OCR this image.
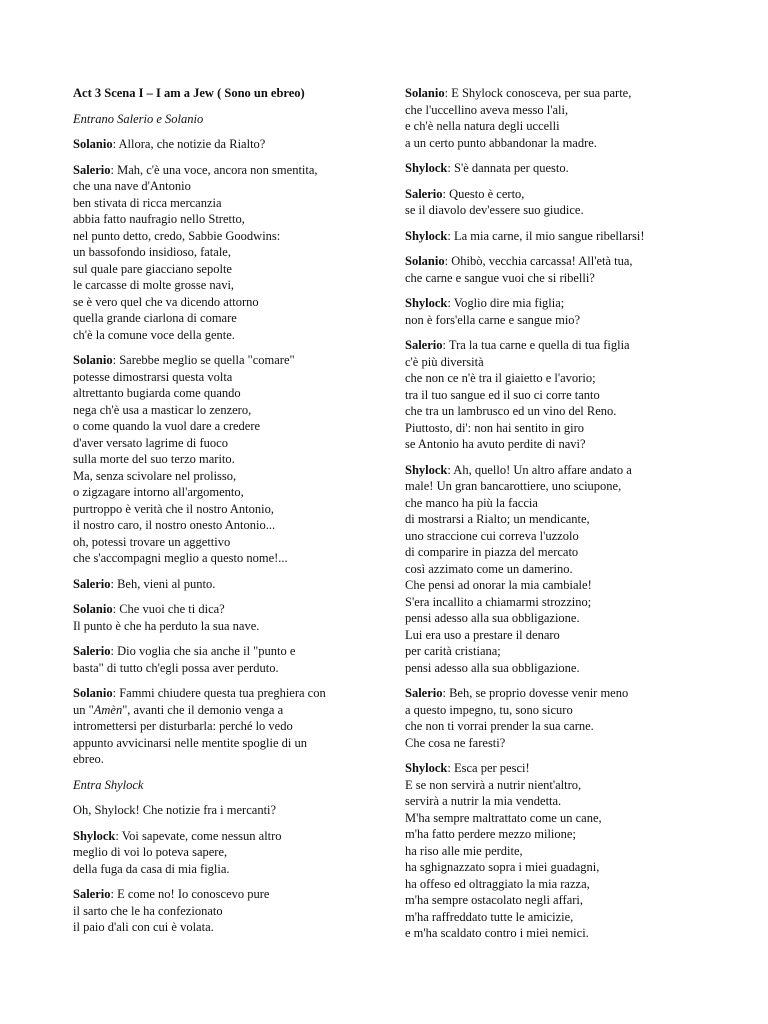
Act 3 Scena I – I am a Jew ( Sono un ebreo)
Entrano Salerio e Solanio
Solanio: Allora, che notizie da Rialto?
Salerio: Mah, c'è una voce, ancora non smentita,
che una nave d'Antonio
ben stivata di ricca mercanzia
abbia fatto naufragio nello Stretto,
nel punto detto, credo, Sabbie Goodwins:
un bassofondo insidioso, fatale,
sul quale pare giacciano sepolte
le carcasse di molte grosse navi,
se è vero quel che va dicendo attorno
quella grande ciarlona di comare
ch'è la comune voce della gente.
Solanio: Sarebbe meglio se quella "comare"
potesse dimostrarsi questa volta
altrettanto bugiarda come quando
nega ch'è usa a masticar lo zenzero,
o come quando la vuol dare a credere
d'aver versato lagrime di fuoco
sulla morte del suo terzo marito.
Ma, senza scivolare nel prolisso,
o zigzagare intorno all'argomento,
purtroppo è verità che il nostro Antonio,
il nostro caro, il nostro onesto Antonio...
oh, potessi trovare un aggettivo
che s'accompagni meglio a questo nome!...
Salerio: Beh, vieni al punto.
Solanio: Che vuoi che ti dica?
Il punto è che ha perduto la sua nave.
Salerio: Dio voglia che sia anche il "punto e
basta" di tutto ch'egli possa aver perduto.
Solanio: Fammi chiudere questa tua preghiera con
un "Amèn", avanti che il demonio venga a
intromettersi per disturbarla: perché lo vedo
appunto avvicinarsi nelle mentite spoglie di un
ebreo.
Entra Shylock
Oh, Shylock! Che notizie fra i mercanti?
Shylock: Voi sapevate, come nessun altro
meglio di voi lo poteva sapere,
della fuga da casa di mia figlia.
Salerio: E come no! Io conoscevo pure
il sarto che le ha confezionato
il paio d'ali con cui è volata.
Solanio: E Shylock conosceva, per sua parte,
che l'uccellino aveva messo l'ali,
e ch'è nella natura degli uccelli
a un certo punto abbandonar la madre.
Shylock: S'è dannata per questo.
Salerio: Questo è certo,
se il diavolo dev'essere suo giudice.
Shylock: La mia carne, il mio sangue ribellarsi!
Solanio: Ohibò, vecchia carcassa! All'età tua,
che carne e sangue vuoi che si ribelli?
Shylock: Voglio dire mia figlia;
non è fors'ella carne e sangue mio?
Salerio: Tra la tua carne e quella di tua figlia
c'è più diversità
che non ce n'è tra il giaietto e l'avorio;
tra il tuo sangue ed il suo ci corre tanto
che tra un lambrusco ed un vino del Reno.
Piuttosto, di': non hai sentito in giro
se Antonio ha avuto perdite di navi?
Shylock: Ah, quello! Un altro affare andato a
male! Un gran bancarottiere, uno sciupone,
che manco ha più la faccia
di mostrarsi a Rialto; un mendicante,
uno straccione cui correva l'uzzolo
di comparire in piazza del mercato
così azzimato come un damerino.
Che pensi ad onorar la mia cambiale!
S'era incallito a chiamarmi strozzino;
pensi adesso alla sua obbligazione.
Lui era uso a prestare il denaro
per carità cristiana;
pensi adesso alla sua obbligazione.
Salerio: Beh, se proprio dovesse venir meno
a questo impegno, tu, sono sicuro
che non ti vorrai prender la sua carne.
Che cosa ne faresti?
Shylock: Esca per pesci!
E se non servirà a nutrir nient'altro,
servirà a nutrir la mia vendetta.
M'ha sempre maltrattato come un cane,
m'ha fatto perdere mezzo milione;
ha riso alle mie perdite,
ha sghignazzato sopra i miei guadagni,
ha offeso ed oltraggiato la mia razza,
m'ha sempre ostacolato negli affari,
m'ha raffreddato tutte le amicizie,
e m'ha scaldato contro i miei nemici.
